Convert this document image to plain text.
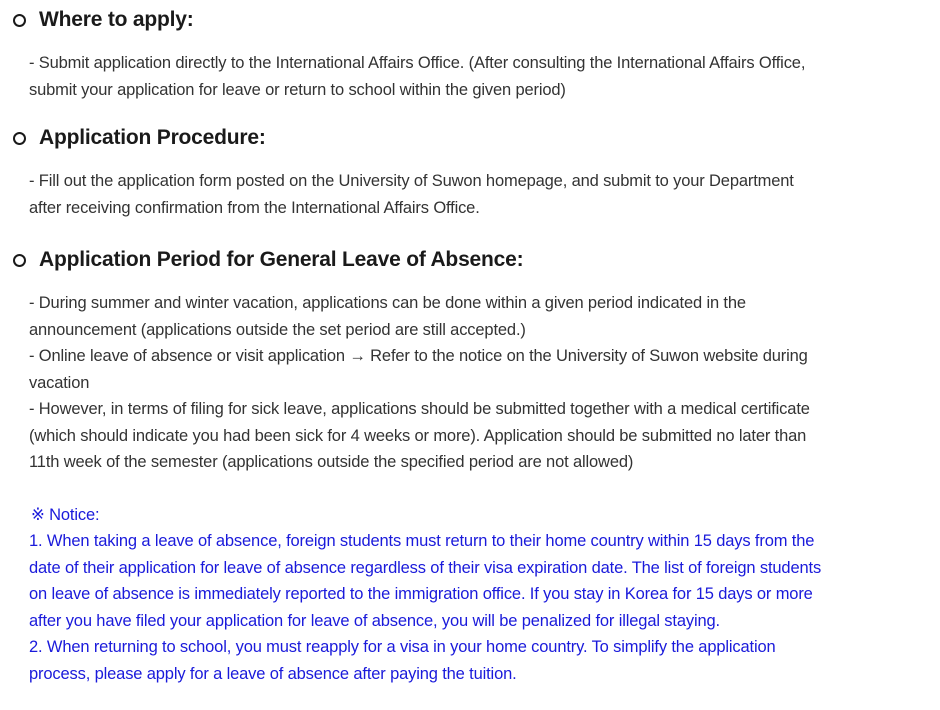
Where to apply:
- Submit application directly to the International Affairs Office. (After consulting the International Affairs Office,
submit your application for leave or return to school within the given period)
Application Procedure:
- Fill out the application form posted on the University of Suwon homepage, and submit to your Department
after receiving confirmation from the International Affairs Office.
Application Period for General Leave of Absence:
- During summer and winter vacation, applications can be done within a given period indicated in the
announcement (applications outside the set period are still accepted.)
- Online leave of absence or visit application → Refer to the notice on the University of Suwon website during
vacation
- However, in terms of filing for sick leave, applications should be submitted together with a medical certificate
(which should indicate you had been sick for 4 weeks or more). Application should be submitted no later than
11th week of the semester (applications outside the specified period are not allowed)
※ Notice:
1. When taking a leave of absence, foreign students must return to their home country within 15 days from the
date of their application for leave of absence regardless of their visa expiration date. The list of foreign students
on leave of absence is immediately reported to the immigration office. If you stay in Korea for 15 days or more
after you have filed your application for leave of absence, you will be penalized for illegal staying.
2. When returning to school, you must reapply for a visa in your home country. To simplify the application
process, please apply for a leave of absence after paying the tuition.
